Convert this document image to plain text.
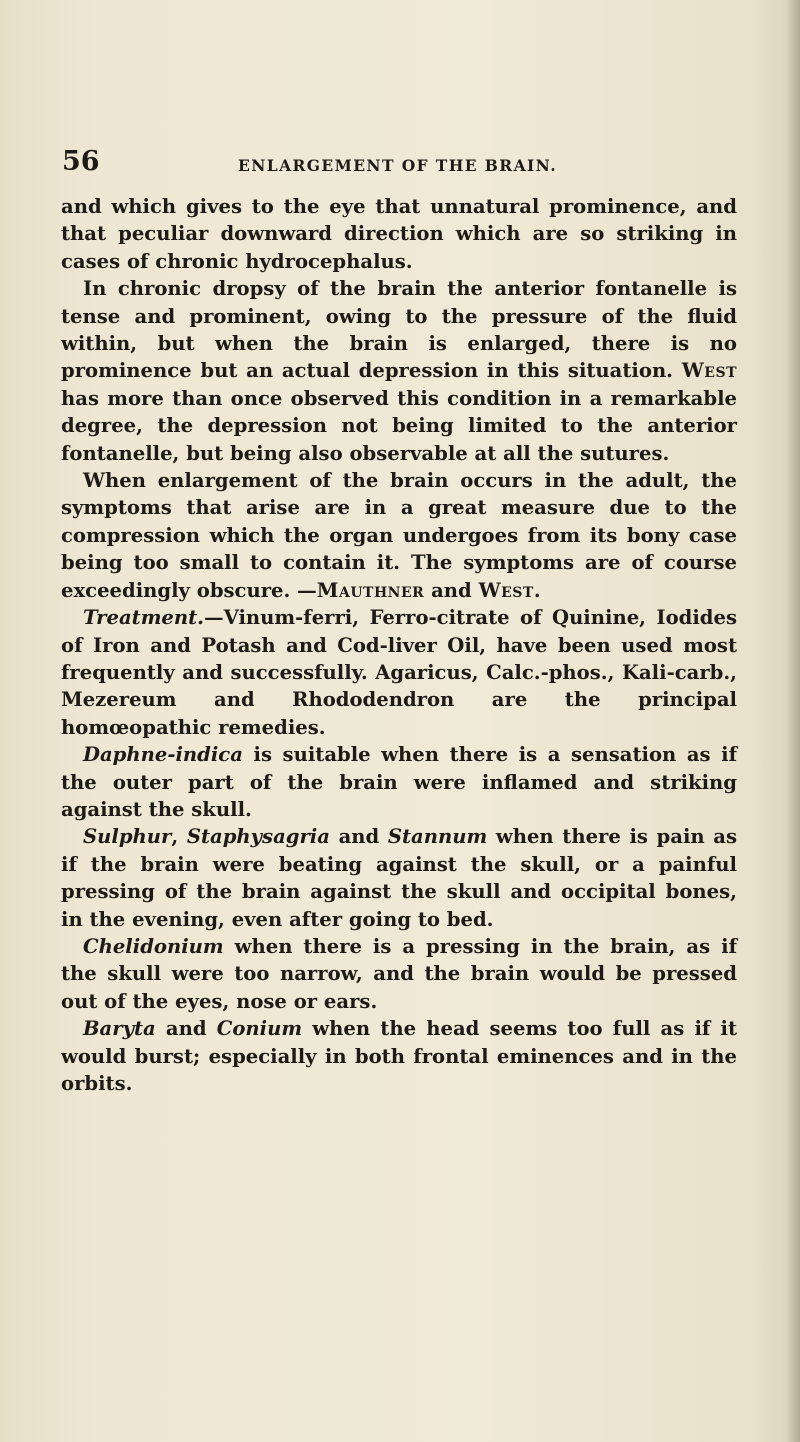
56	ENLARGEMENT OF THE BRAIN.

and which gives to the eye that unnatural prominence, and that peculiar downward direction which are so striking in cases of chronic hydrocephalus.

In chronic dropsy of the brain the anterior fontanelle is tense and prominent, owing to the pressure of the fluid within, but when the brain is enlarged, there is no prominence but an actual depression in this situation. West has more than once observed this condition in a remarkable degree, the depression not being limited to the anterior fontanelle, but being also observable at all the sutures.

When enlargement of the brain occurs in the adult, the symptoms that arise are in a great measure due to the compression which the organ undergoes from its bony case being too small to contain it. The symptoms are of course exceedingly obscure. —Mauthner and West.

Treatment.—Vinum-ferri, Ferro-citrate of Quinine, Iodides of Iron and Potash and Cod-liver Oil, have been used most frequently and successfully. Agaricus, Calc.-phos., Kali-carb., Mezereum and Rhododendron are the principal homœopathic remedies.

Daphne-indica is suitable when there is a sensation as if the outer part of the brain were inflamed and striking against the skull.

Sulphur, Staphysagria and Stannum when there is pain as if the brain were beating against the skull, or a painful pressing of the brain against the skull and occipital bones, in the evening, even after going to bed.

Chelidonium when there is a pressing in the brain, as if the skull were too narrow, and the brain would be pressed out of the eyes, nose or ears.

Baryta and Conium when the head seems too full as if it would burst; especially in both frontal eminences and in the orbits.
